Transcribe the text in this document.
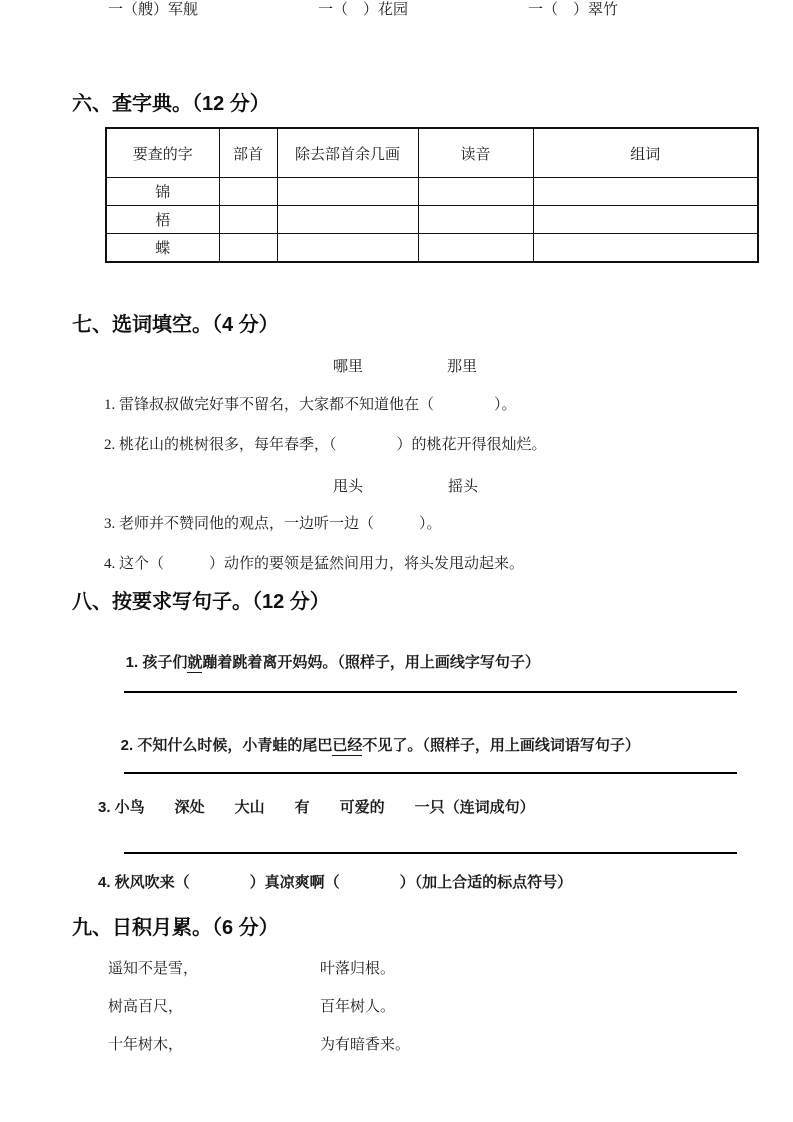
一（艘）军舰	一（　）花园	一（　）翠竹
六、查字典。（12 分）
要查的字	部首	除去部首余几画	读音	组词
锦				
梧				
蝶				
七、选词填空。（4 分）
哪里	那里
1. 雷锋叔叔做完好事不留名，大家都不知道他在（　　　　）。
2. 桃花山的桃树很多，每年春季，（　　　　）的桃花开得很灿烂。
甩头	摇头
3. 老师并不赞同他的观点，一边听一边（　　　）。
4. 这个（　　　）动作的要领是猛然间用力，将头发甩动起来。
八、按要求写句子。（12 分）

1. 孩子们就蹦着跳着离开妈妈。（照样子，用上画线字写句子）

2. 不知什么时候，小青蛙的尾巴已经不见了。（照样子，用上画线词语写句子）

3. 小鸟　　深处　　大山　　有　　可爱的　　一只（连词成句）
4. 秋风吹来（　　　　）真凉爽啊（　　　　）（加上合适的标点符号）
九、日积月累。（6 分）
遥知不是雪，	叶落归根。
树高百尺，	百年树人。
十年树木，	为有暗香来。
